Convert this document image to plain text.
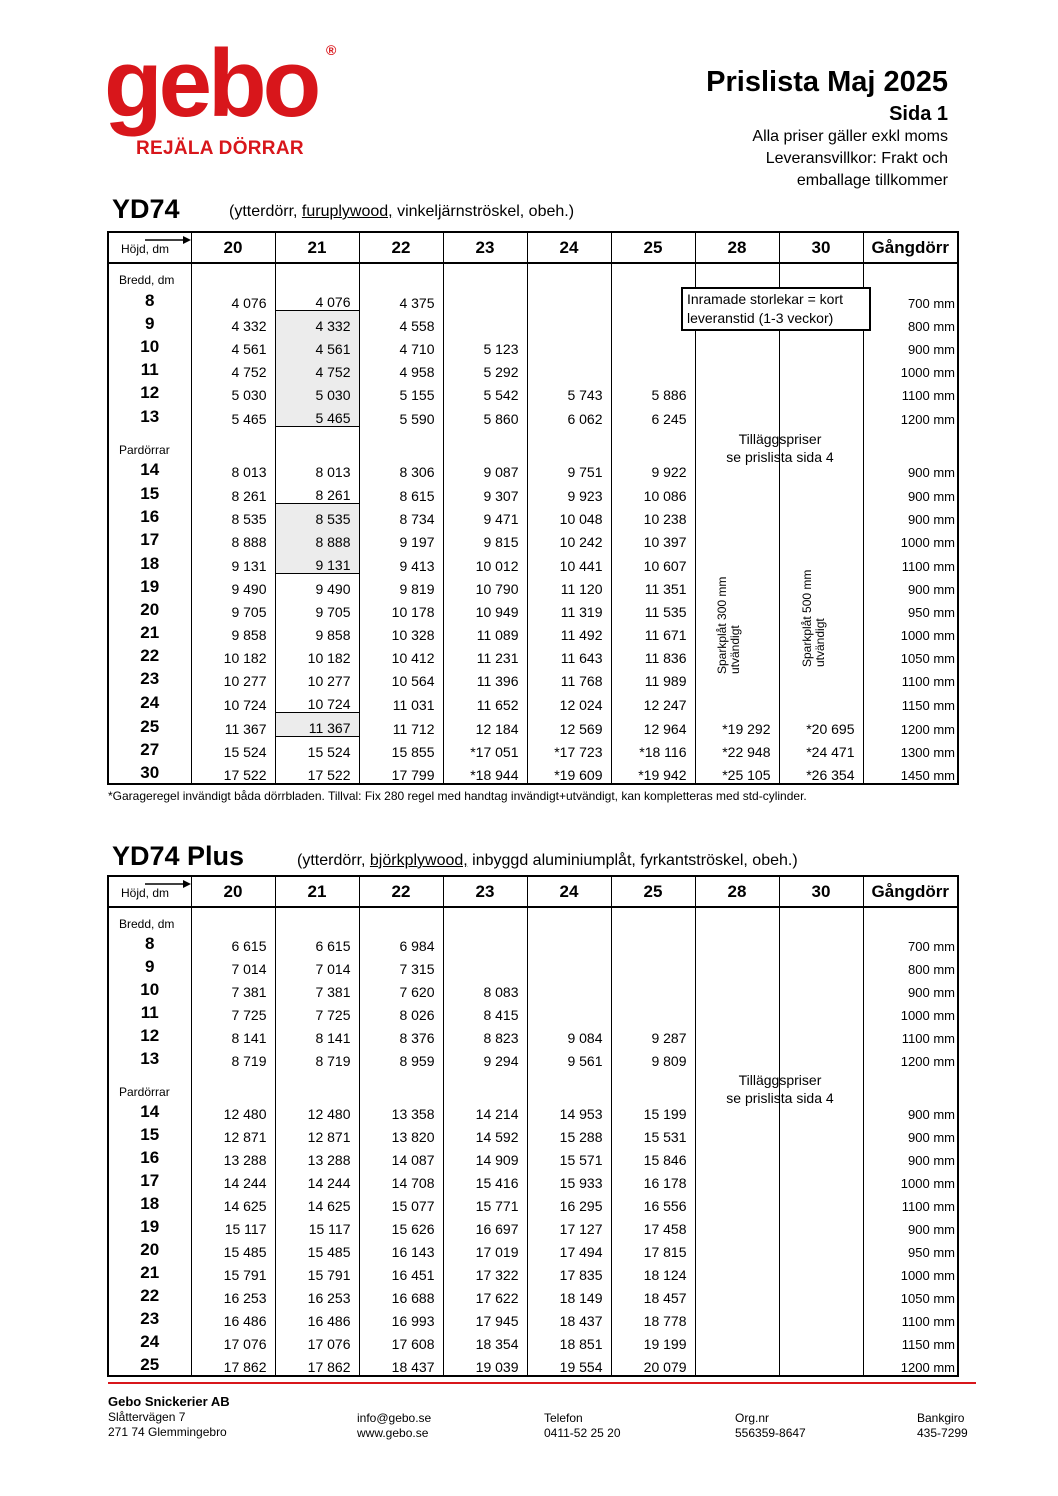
gebo ®
REJÄLA DÖRRAR
Prislista Maj 2025
Sida 1
Alla priser gäller exkl moms
Leveransvillkor: Frakt och
emballage tillkommer
YD74	(ytterdörr, furuplywood, vinkeljärnströskel, obeh.)
Höjd, dm	20	21	22	23	24	25	28	30	Gångdörr
Bredd, dm									
8	4 076	4 076	4 375						700 mm
9	4 332	4 332	4 558						800 mm
10	4 561	4 561	4 710	5 123					900 mm
11	4 752	4 752	4 958	5 292					1000 mm
12	5 030	5 030	5 155	5 542	5 743	5 886			1100 mm
13	5 465	5 465	5 590	5 860	6 062	6 245			1200 mm
Pardörrar									
14	8 013	8 013	8 306	9 087	9 751	9 922			900 mm
15	8 261	8 261	8 615	9 307	9 923	10 086			900 mm
16	8 535	8 535	8 734	9 471	10 048	10 238			900 mm
17	8 888	8 888	9 197	9 815	10 242	10 397			1000 mm
18	9 131	9 131	9 413	10 012	10 441	10 607			1100 mm
19	9 490	9 490	9 819	10 790	11 120	11 351			900 mm
20	9 705	9 705	10 178	10 949	11 319	11 535			950 mm
21	9 858	9 858	10 328	11 089	11 492	11 671			1000 mm
22	10 182	10 182	10 412	11 231	11 643	11 836			1050 mm
23	10 277	10 277	10 564	11 396	11 768	11 989			1100 mm
24	10 724	10 724	11 031	11 652	12 024	12 247			1150 mm
25	11 367	11 367	11 712	12 184	12 569	12 964	*19 292	*20 695	1200 mm
27	15 524	15 524	15 855	*17 051	*17 723	*18 116	*22 948	*24 471	1300 mm
30	17 522	17 522	17 799	*18 944	*19 609	*19 942	*25 105	*26 354	1450 mm
Inramade storlekar = kort leveranstid (1-3 veckor)
Tilläggspriser
se prislista sida 4
Sparkplåt 300 mm utvändigt	Sparkplåt 500 mm utvändigt
*Garageregel invändigt båda dörrbladen. Tillval: Fix 280 regel med handtag invändigt+utvändigt, kan kompletteras med std-cylinder.
YD74 Plus	(ytterdörr, björkplywood, inbyggd aluminiumplåt, fyrkantströskel, obeh.)
Höjd, dm	20	21	22	23	24	25	28	30	Gångdörr
Bredd, dm									
8	6 615	6 615	6 984						700 mm
9	7 014	7 014	7 315						800 mm
10	7 381	7 381	7 620	8 083					900 mm
11	7 725	7 725	8 026	8 415					1000 mm
12	8 141	8 141	8 376	8 823	9 084	9 287			1100 mm
13	8 719	8 719	8 959	9 294	9 561	9 809			1200 mm
Pardörrar									
14	12 480	12 480	13 358	14 214	14 953	15 199			900 mm
15	12 871	12 871	13 820	14 592	15 288	15 531			900 mm
16	13 288	13 288	14 087	14 909	15 571	15 846			900 mm
17	14 244	14 244	14 708	15 416	15 933	16 178			1000 mm
18	14 625	14 625	15 077	15 771	16 295	16 556			1100 mm
19	15 117	15 117	15 626	16 697	17 127	17 458			900 mm
20	15 485	15 485	16 143	17 019	17 494	17 815			950 mm
21	15 791	15 791	16 451	17 322	17 835	18 124			1000 mm
22	16 253	16 253	16 688	17 622	18 149	18 457			1050 mm
23	16 486	16 486	16 993	17 945	18 437	18 778			1100 mm
24	17 076	17 076	17 608	18 354	18 851	19 199			1150 mm
25	17 862	17 862	18 437	19 039	19 554	20 079			1200 mm
Tilläggspriser
se prislista sida 4
Gebo Snickerier AB
Slåttervägen 7
271 74 Glemmingebro
info@gebo.se
www.gebo.se
Telefon
0411-52 25 20
Org.nr
556359-8647
Bankgiro
435-7299
